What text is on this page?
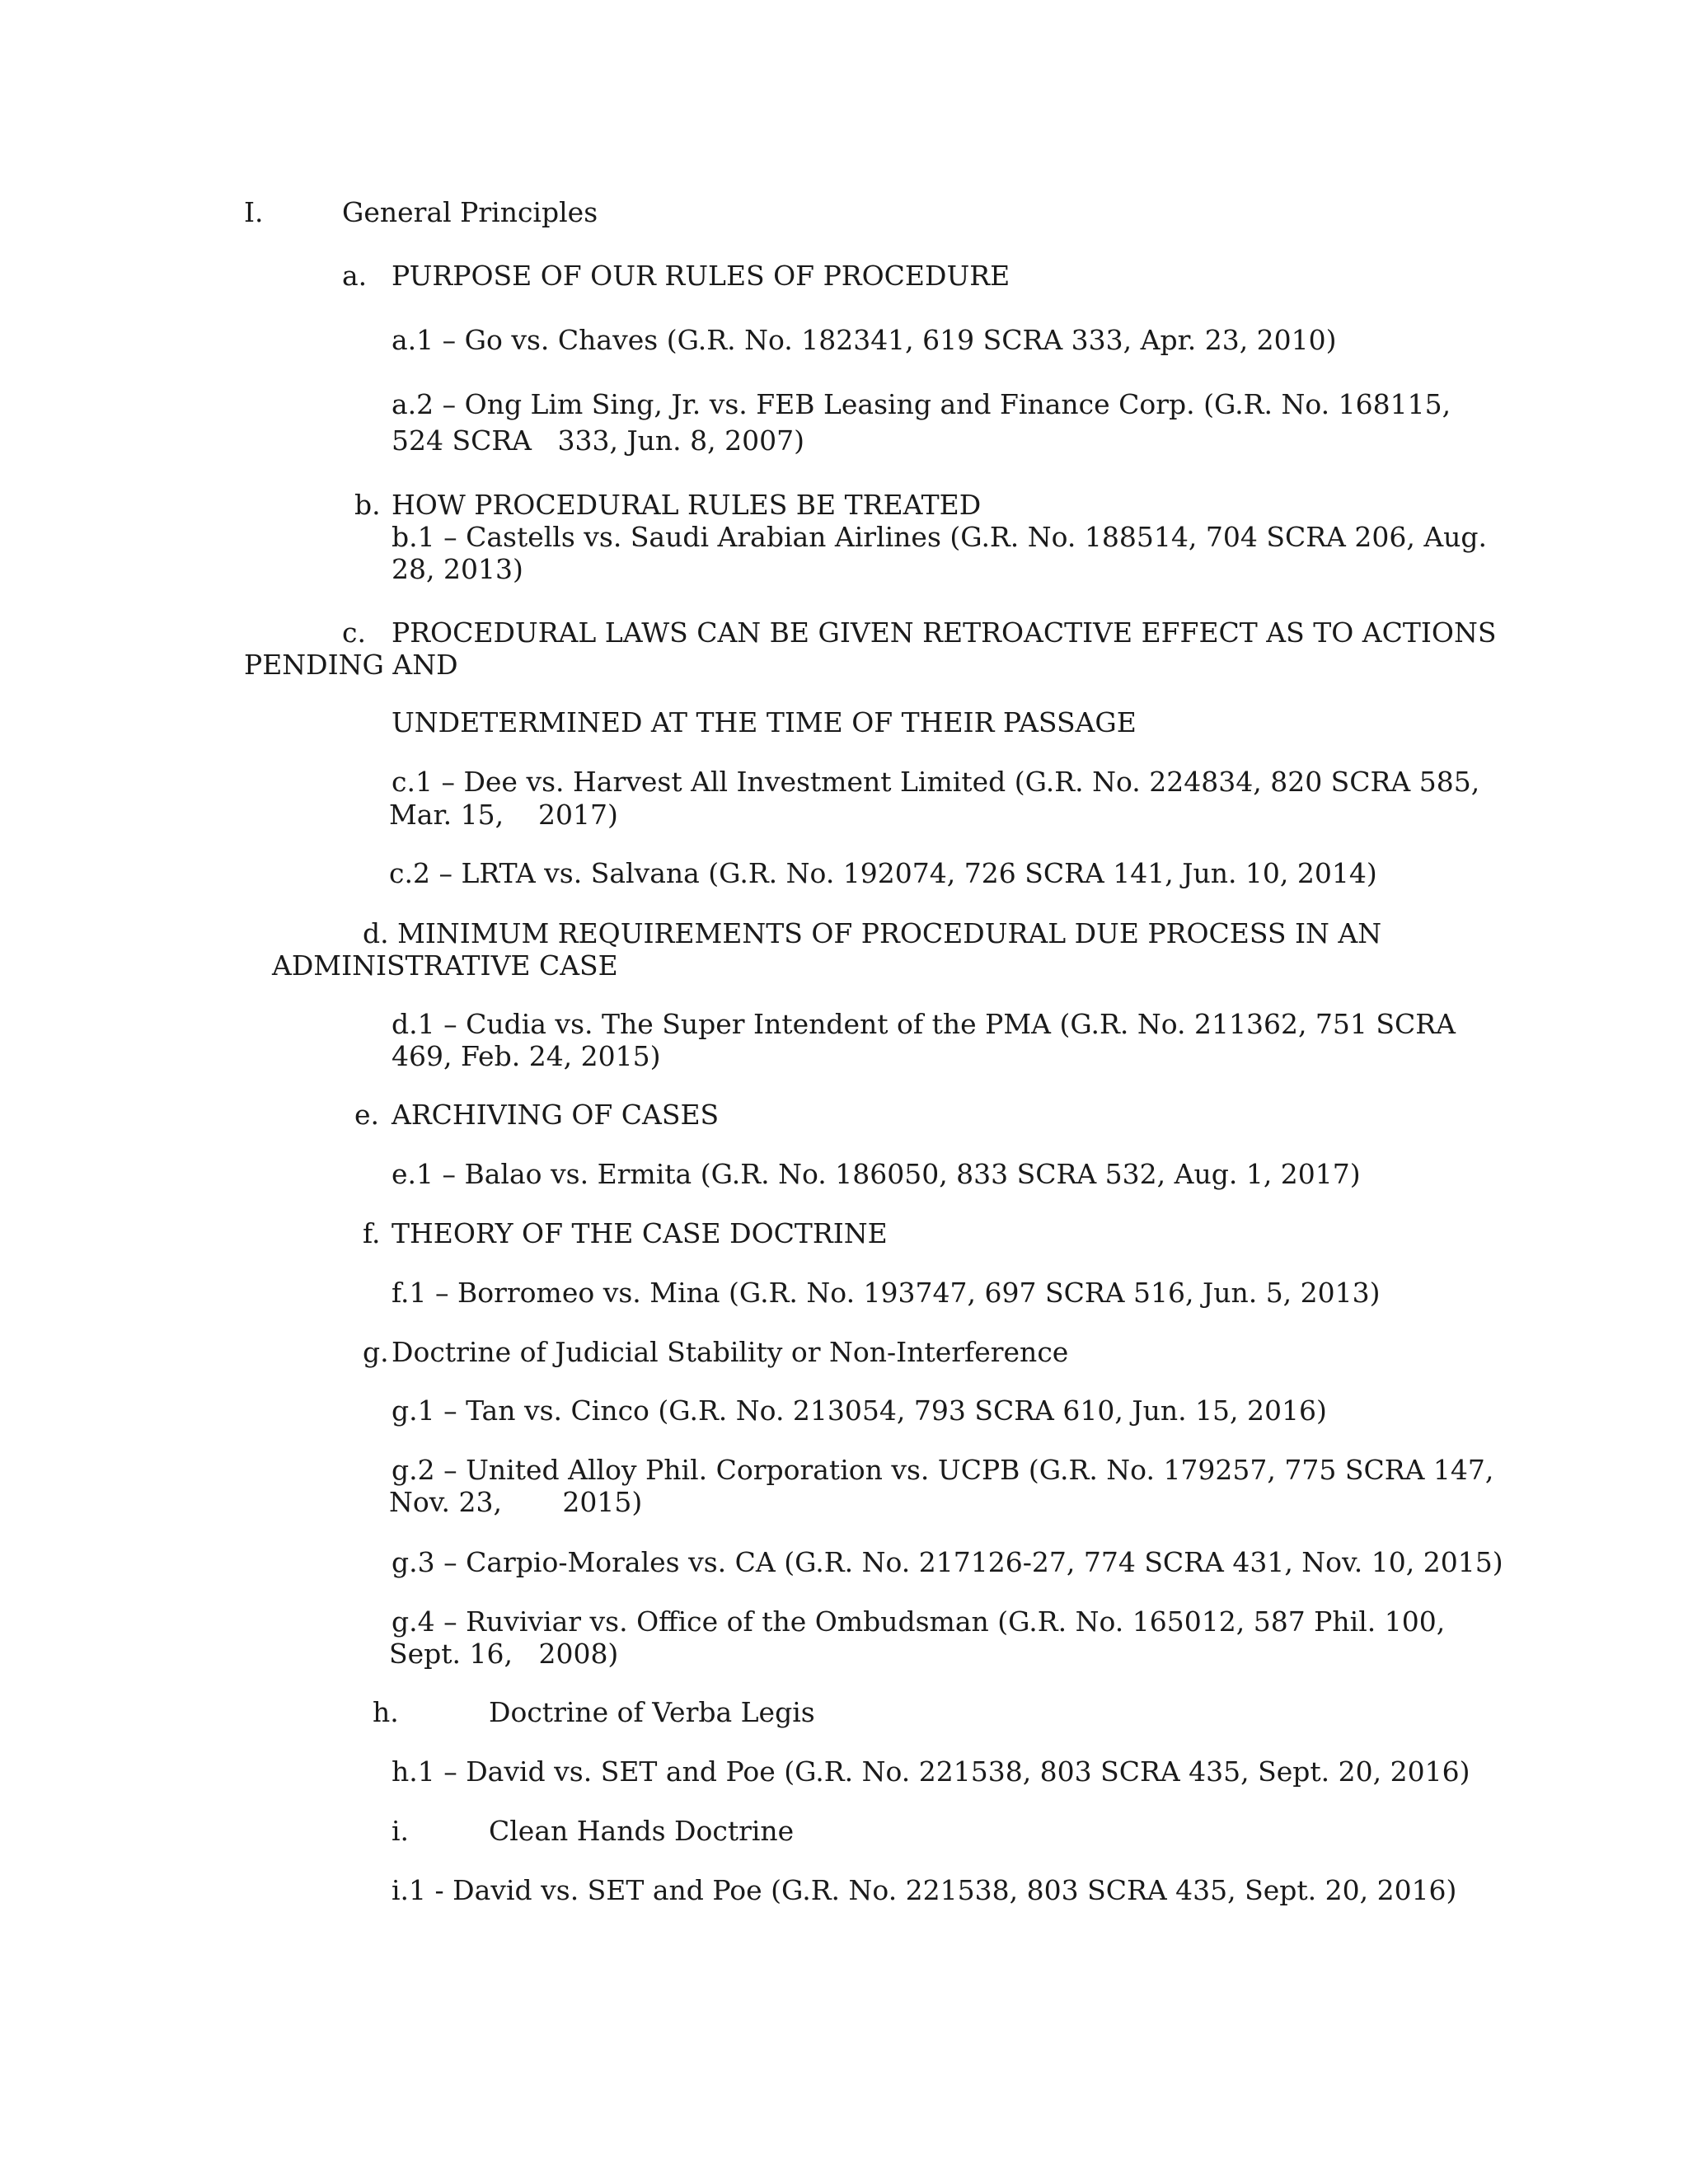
I.	General Principles

a. PURPOSE OF OUR RULES OF PROCEDURE

a.1 – Go vs. Chaves (G.R. No. 182341, 619 SCRA 333, Apr. 23, 2010)

a.2 – Ong Lim Sing, Jr. vs. FEB Leasing and Finance Corp. (G.R. No. 168115,

524 SCRA   333, Jun. 8, 2007)

b. HOW PROCEDURAL RULES BE TREATED

b.1 – Castells vs. Saudi Arabian Airlines (G.R. No. 188514, 704 SCRA 206, Aug.

28, 2013)

c. PROCEDURAL LAWS CAN BE GIVEN RETROACTIVE EFFECT AS TO ACTIONS

PENDING AND

UNDETERMINED AT THE TIME OF THEIR PASSAGE

c.1 – Dee vs. Harvest All Investment Limited (G.R. No. 224834, 820 SCRA 585,

Mar. 15,    2017)

c.2 – LRTA vs. Salvana (G.R. No. 192074, 726 SCRA 141, Jun. 10, 2014)

d. MINIMUM REQUIREMENTS OF PROCEDURAL DUE PROCESS IN AN

ADMINISTRATIVE CASE

d.1 – Cudia vs. The Super Intendent of the PMA (G.R. No. 211362, 751 SCRA

469, Feb. 24, 2015)

e. ARCHIVING OF CASES

e.1 – Balao vs. Ermita (G.R. No. 186050, 833 SCRA 532, Aug. 1, 2017)

f. THEORY OF THE CASE DOCTRINE

f.1 – Borromeo vs. Mina (G.R. No. 193747, 697 SCRA 516, Jun. 5, 2013)

g. Doctrine of Judicial Stability or Non-Interference

g.1 – Tan vs. Cinco (G.R. No. 213054, 793 SCRA 610, Jun. 15, 2016)

g.2 – United Alloy Phil. Corporation vs. UCPB (G.R. No. 179257, 775 SCRA 147,

Nov. 23,       2015)

g.3 – Carpio-Morales vs. CA (G.R. No. 217126-27, 774 SCRA 431, Nov. 10, 2015)

g.4 – Ruviviar vs. Office of the Ombudsman (G.R. No. 165012, 587 Phil. 100,

Sept. 16,   2008)

h.	Doctrine of Verba Legis

h.1 – David vs. SET and Poe (G.R. No. 221538, 803 SCRA 435, Sept. 20, 2016)

i.	Clean Hands Doctrine

i.1 - David vs. SET and Poe (G.R. No. 221538, 803 SCRA 435, Sept. 20, 2016)
